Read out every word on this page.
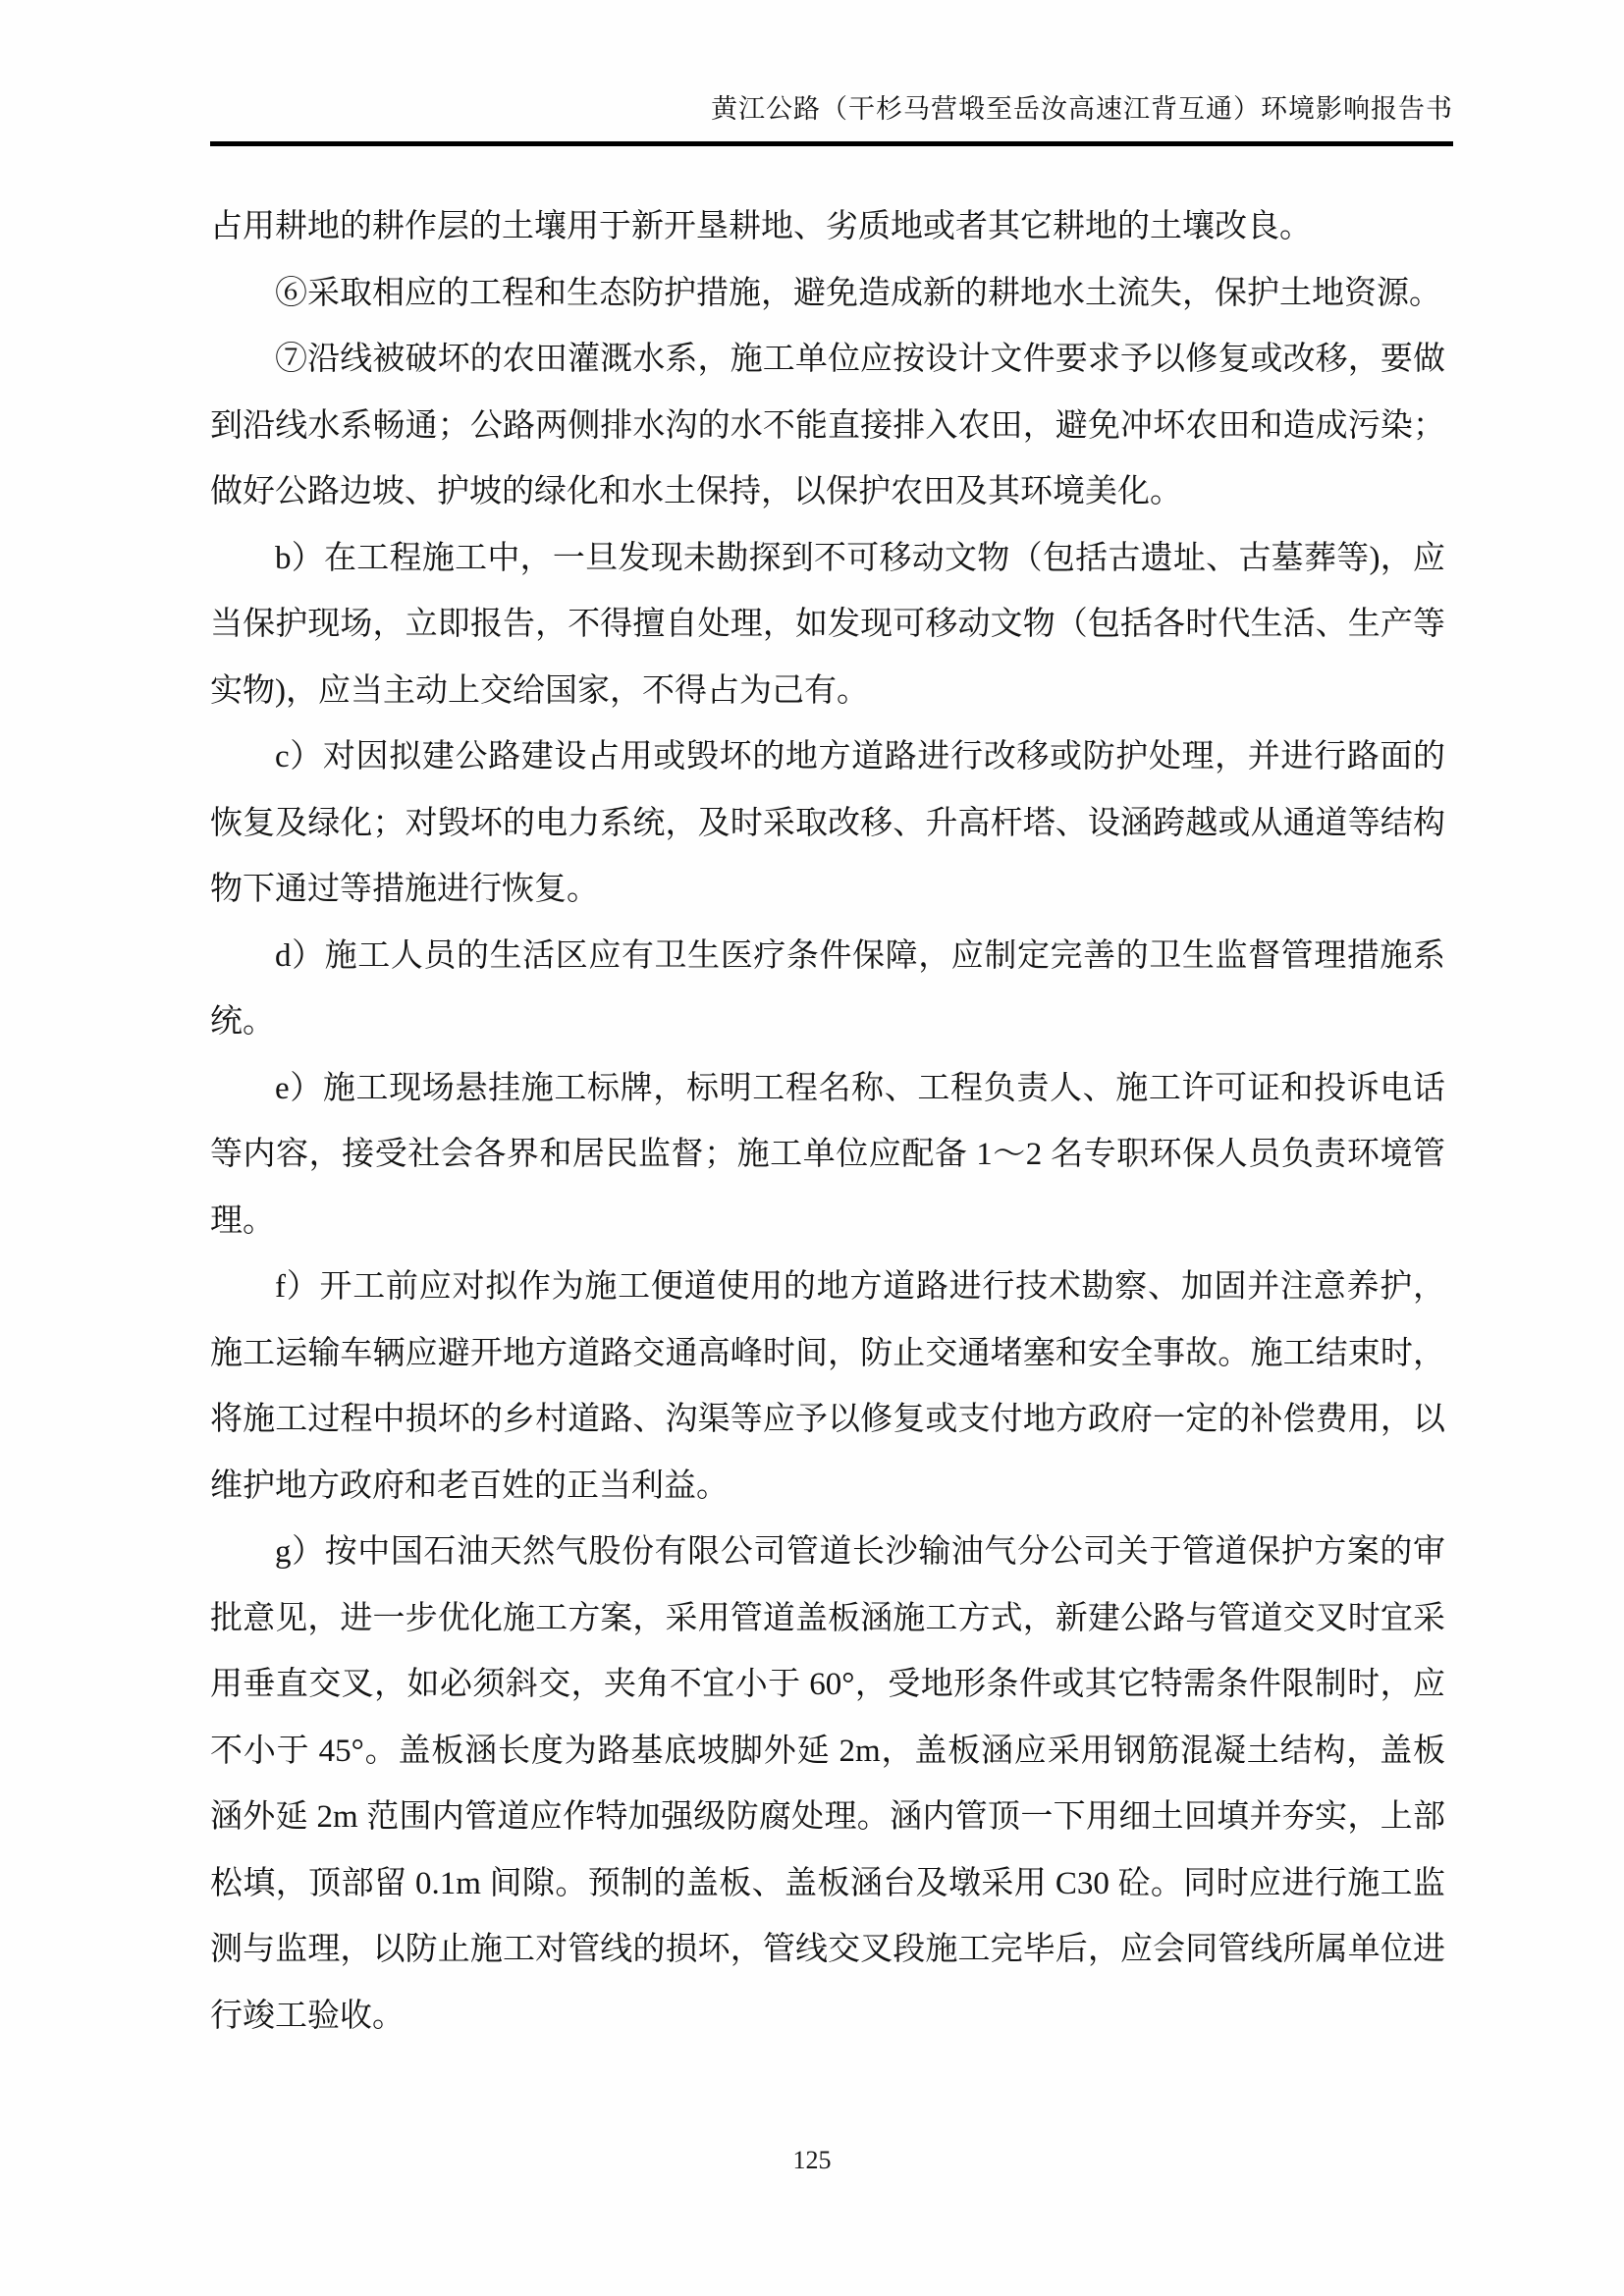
黄江公路（干杉马营塅至岳汝高速江背互通）环境影响报告书

占用耕地的耕作层的土壤用于新开垦耕地、劣质地或者其它耕地的土壤改良。

⑥采取相应的工程和生态防护措施，避免造成新的耕地水土流失，保护土地资源。

⑦沿线被破坏的农田灌溉水系，施工单位应按设计文件要求予以修复或改移，要做到沿线水系畅通；公路两侧排水沟的水不能直接排入农田，避免冲坏农田和造成污染；做好公路边坡、护坡的绿化和水土保持，以保护农田及其环境美化。

b）在工程施工中，一旦发现未勘探到不可移动文物（包括古遗址、古墓葬等)，应当保护现场，立即报告，不得擅自处理，如发现可移动文物（包括各时代生活、生产等实物)，应当主动上交给国家，不得占为己有。

c）对因拟建公路建设占用或毁坏的地方道路进行改移或防护处理，并进行路面的恢复及绿化；对毁坏的电力系统，及时采取改移、升高杆塔、设涵跨越或从通道等结构物下通过等措施进行恢复。

d）施工人员的生活区应有卫生医疗条件保障，应制定完善的卫生监督管理措施系统。

e）施工现场悬挂施工标牌，标明工程名称、工程负责人、施工许可证和投诉电话等内容，接受社会各界和居民监督；施工单位应配备 1～2 名专职环保人员负责环境管理。

f）开工前应对拟作为施工便道使用的地方道路进行技术勘察、加固并注意养护，施工运输车辆应避开地方道路交通高峰时间，防止交通堵塞和安全事故。施工结束时，将施工过程中损坏的乡村道路、沟渠等应予以修复或支付地方政府一定的补偿费用，以维护地方政府和老百姓的正当利益。

g）按中国石油天然气股份有限公司管道长沙输油气分公司关于管道保护方案的审批意见，进一步优化施工方案，采用管道盖板涵施工方式，新建公路与管道交叉时宜采用垂直交叉，如必须斜交，夹角不宜小于 60°，受地形条件或其它特需条件限制时，应不小于 45°。盖板涵长度为路基底坡脚外延 2m，盖板涵应采用钢筋混凝土结构，盖板涵外延 2m 范围内管道应作特加强级防腐处理。涵内管顶一下用细土回填并夯实，上部松填，顶部留 0.1m 间隙。预制的盖板、盖板涵台及墩采用 C30 砼。同时应进行施工监测与监理，以防止施工对管线的损坏，管线交叉段施工完毕后，应会同管线所属单位进行竣工验收。

125
